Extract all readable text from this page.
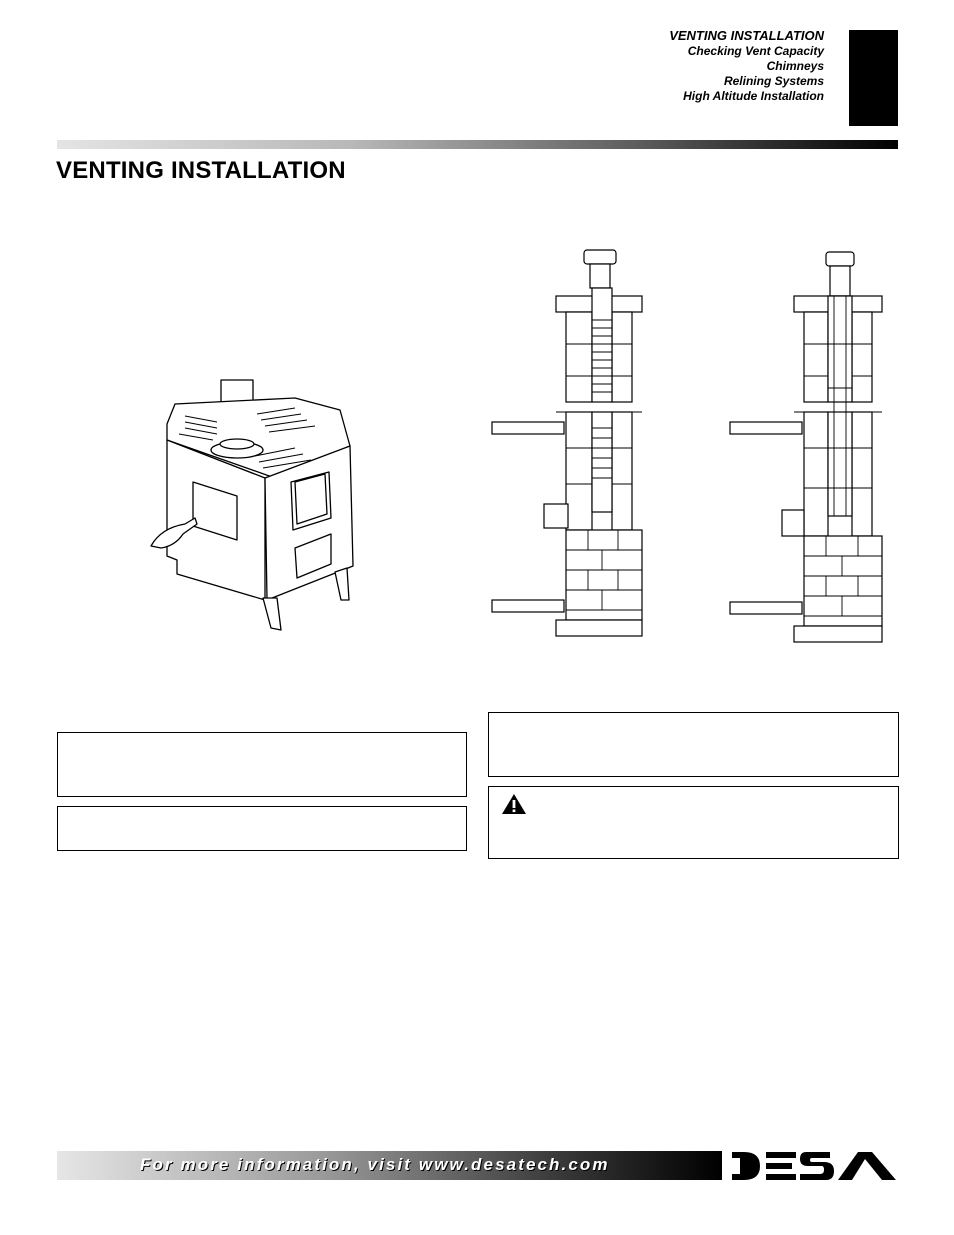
VENTING INSTALLATION
Checking Vent Capacity
Chimneys
Relining Systems
High Altitude Installation
VENTING INSTALLATION
For more information, visit www.desatech.com
